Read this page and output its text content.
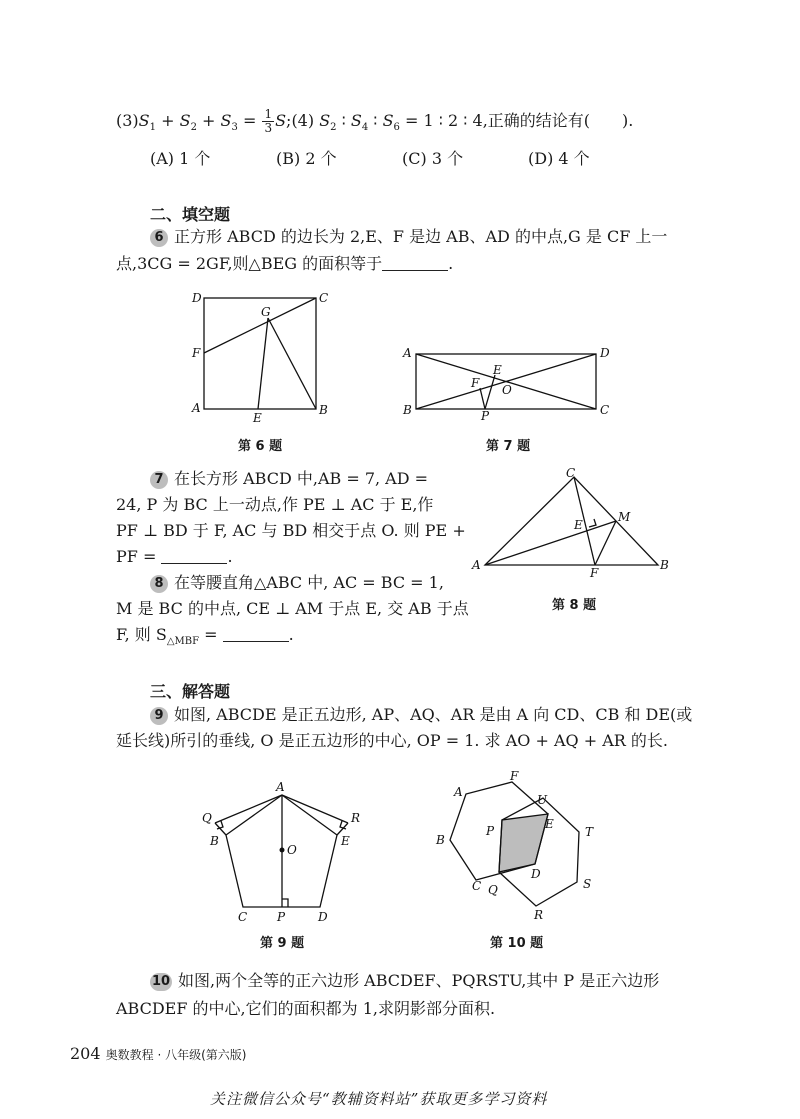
$(3)S_1 + S_2 + S_3 = \frac{1}{3}$ S;(4) $S_2$ ∶ $S_4$ ∶ $S_6 = 1$ ∶ 2 ∶ 4,正确的结论有(　　).
(A) 1 个	(B) 2 个	(C) 3 个	(D) 4 个
二、填空题
6 正方形 ABCD 的边长为 2,E、F 是边 AB、AD 的中点,G 是 CF 上一
点,3CG = 2GF,则△BEG 的面积等于	.
D	C
G
F
A
E
B
第 6 题
A	D
E
F O
B	P	C
第 7 题
7 在长方形 ABCD 中,AB = 7, AD =
24, P 为 BC 上一动点,作 PE ⊥ AC 于 E,作
PF ⊥ BD 于 F, AC 与 BD 相交于点 O. 则 PE +
PF =	.
8 在等腰直角△ABC 中, AC = BC = 1,
M 是 BC 的中点, CE ⊥ AM 于点 E, 交 AB 于点
F, 则 $S_{\triangle MBF}$ =	.
C
E
M
A
F
B
第 8 题
三、解答题
9 如图, ABCDE 是正五边形, AP、AQ、AR 是由 A 向 CD、CB 和 DE(或
延长线)所引的垂线, O 是正五边形的中心, OP = 1. 求 AO + AQ + AR 的长.
A
Q	R
B
O
E
C P	D
第 9 题
F
A
U
P	E
T
B
D
C Q	S
R
第 10 题
10 如图,两个全等的正六边形 ABCDEF、PQRSTU,其中 P 是正六边形
ABCDEF 的中心,它们的面积都为 1,求阴影部分面积.
204 奥数教程 · 八年级(第六版)
关注微信公众号“教辅资料站”获取更多学习资料
